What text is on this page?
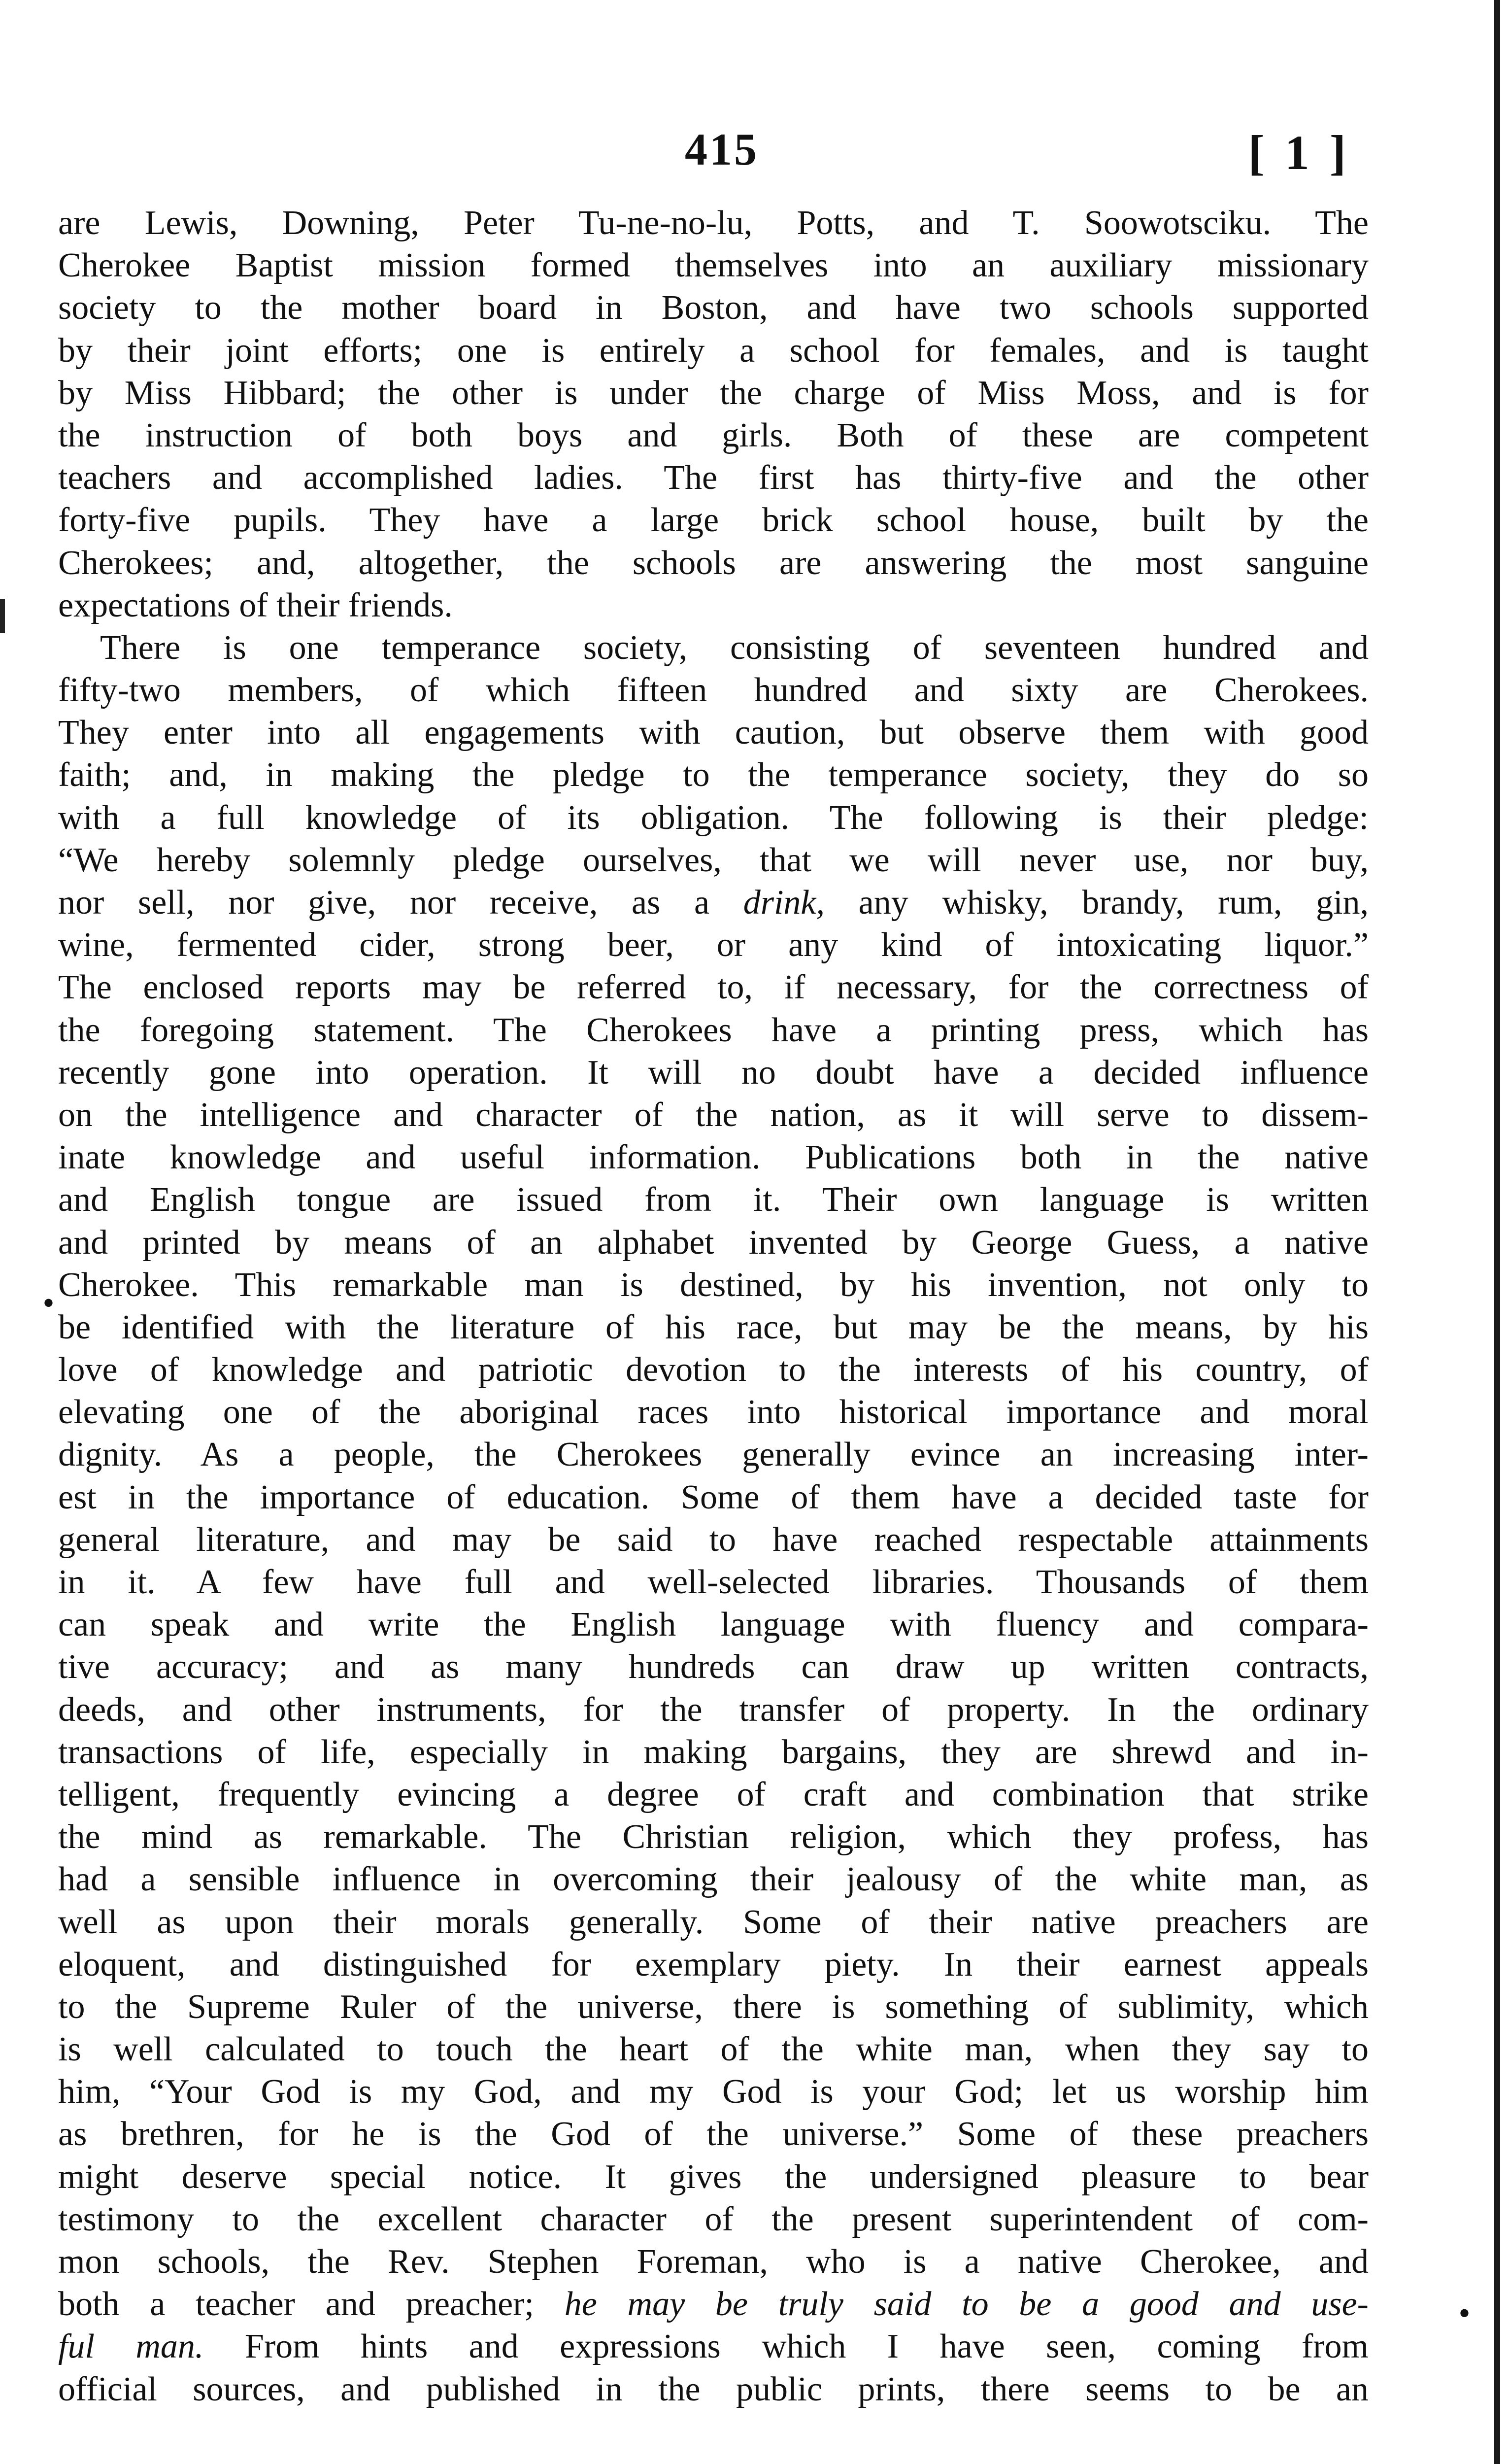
415	[ 1 ]
•
•
are Lewis, Downing, Peter Tu-ne-no-lu, Potts, and T. Soowotsciku. The
Cherokee Baptist mission formed themselves into an auxiliary missionary
society to the mother board in Boston, and have two schools supported
by their joint efforts; one is entirely a school for females, and is taught
by Miss Hibbard; the other is under the charge of Miss Moss, and is for
the instruction of both boys and girls. Both of these are competent
teachers and accomplished ladies. The first has thirty-five and the other
forty-five pupils. They have a large brick school house, built by the
Cherokees; and, altogether, the schools are answering the most sanguine
expectations of their friends.
There is one temperance society, consisting of seventeen hundred and
fifty-two members, of which fifteen hundred and sixty are Cherokees.
They enter into all engagements with caution, but observe them with good
faith; and, in making the pledge to the temperance society, they do so
with a full knowledge of its obligation. The following is their pledge:
“We hereby solemnly pledge ourselves, that we will never use, nor buy,
nor sell, nor give, nor receive, as a drink, any whisky, brandy, rum, gin,
wine, fermented cider, strong beer, or any kind of intoxicating liquor.”
The enclosed reports may be referred to, if necessary, for the correctness of
the foregoing statement. The Cherokees have a printing press, which has
recently gone into operation. It will no doubt have a decided influence
on the intelligence and character of the nation, as it will serve to dissem-
inate knowledge and useful information. Publications both in the native
and English tongue are issued from it. Their own language is written
and printed by means of an alphabet invented by George Guess, a native
Cherokee. This remarkable man is destined, by his invention, not only to
be identified with the literature of his race, but may be the means, by his
love of knowledge and patriotic devotion to the interests of his country, of
elevating one of the aboriginal races into historical importance and moral
dignity. As a people, the Cherokees generally evince an increasing inter-
est in the importance of education. Some of them have a decided taste for
general literature, and may be said to have reached respectable attainments
in it. A few have full and well-selected libraries. Thousands of them
can speak and write the English language with fluency and compara-
tive accuracy; and as many hundreds can draw up written contracts,
deeds, and other instruments, for the transfer of property. In the ordinary
transactions of life, especially in making bargains, they are shrewd and in-
telligent, frequently evincing a degree of craft and combination that strike
the mind as remarkable. The Christian religion, which they profess, has
had a sensible influence in overcoming their jealousy of the white man, as
well as upon their morals generally. Some of their native preachers are
eloquent, and distinguished for exemplary piety. In their earnest appeals
to the Supreme Ruler of the universe, there is something of sublimity, which
is well calculated to touch the heart of the white man, when they say to
him, “Your God is my God, and my God is your God; let us worship him
as brethren, for he is the God of the universe.” Some of these preachers
might deserve special notice. It gives the undersigned pleasure to bear
testimony to the excellent character of the present superintendent of com-
mon schools, the Rev. Stephen Foreman, who is a native Cherokee, and
both a teacher and preacher; he may be truly said to be a good and use-
ful man. From hints and expressions which I have seen, coming from
official sources, and published in the public prints, there seems to be an
